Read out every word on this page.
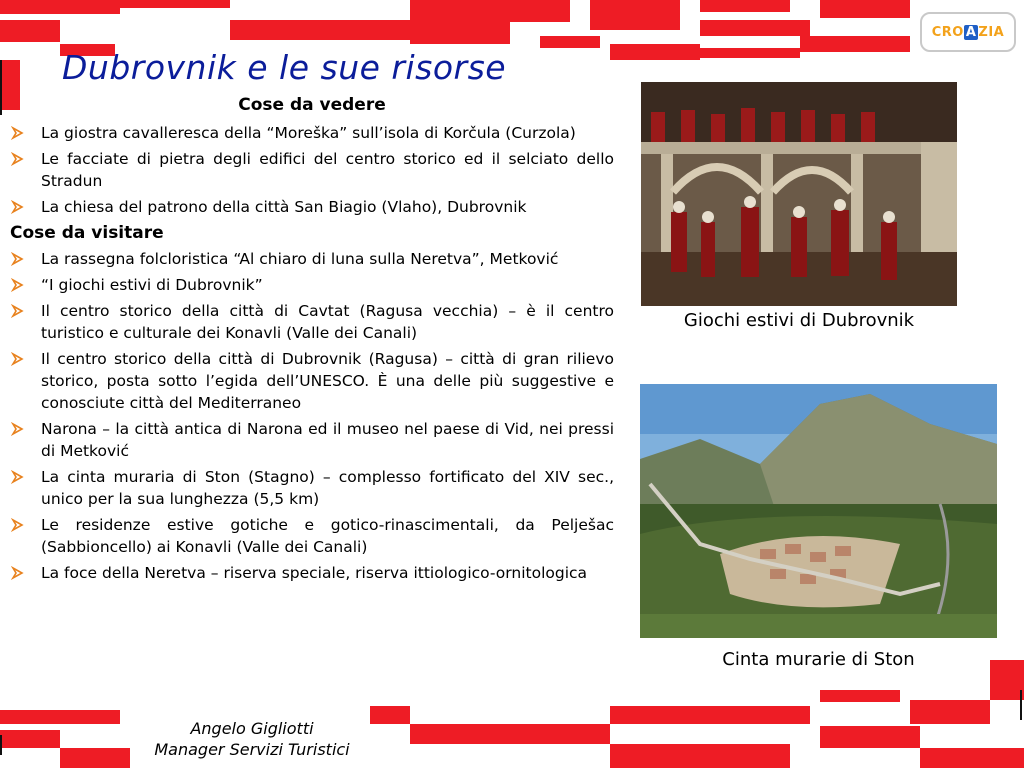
CRO A ZIA
Dubrovnik e le sue risorse
Cose da vedere
La giostra cavalleresca della “Moreška” sull’isola di Korčula (Curzola)
Le facciate di pietra degli edifici del centro storico ed il selciato dello Stradun
La chiesa del patrono della città San Biagio (Vlaho), Dubrovnik
Cose da visitare
La rassegna folcloristica “Al chiaro di luna sulla Neretva”, Metković
“I giochi estivi di Dubrovnik”
Il centro storico della città di Cavtat (Ragusa vecchia) – è il centro turistico e culturale dei Konavli (Valle dei Canali)
Il centro storico della città di Dubrovnik (Ragusa) – città di gran rilievo storico, posta sotto l’egida dell’UNESCO. È una delle più suggestive e conosciute città del Mediterraneo
Narona – la città antica di Narona ed il museo nel paese di Vid, nei pressi di Metković
La cinta muraria di Ston (Stagno) – complesso fortificato del XIV sec., unico per la sua lunghezza (5,5 km)
Le residenze estive gotiche e gotico-rinascimentali, da Pelješac (Sabbioncello) ai Konavli (Valle dei Canali)
La foce della Neretva – riserva speciale, riserva ittiologico-ornitologica
Giochi estivi di Dubrovnik
Cinta murarie di Ston
Angelo Gigliotti
Manager Servizi Turistici
